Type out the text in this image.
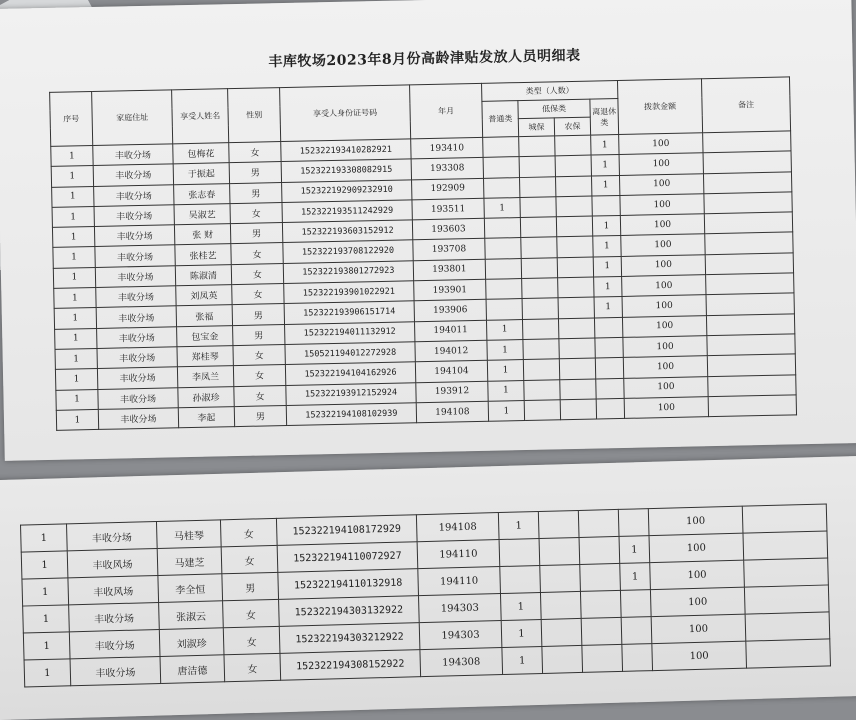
丰库牧场2023年8月份高龄津贴发放人员明细表
序号	家庭住址	享受人姓名	性别	享受人身份证号码	年月	类型（人数）				拨款金额	备注
						普通类	低保类		离退休类		
							城保	农保			
1	丰收分场	包梅花	女	152322193410282921	193410				1	100	
1	丰收分场	于振起	男	152322193308082915	193308				1	100	
1	丰收分场	张志春	男	152322192909232910	192909				1	100	
1	丰收分场	吴淑艺	女	152322193511242929	193511	1				100	
1	丰收分场	张 财	男	152322193603152912	193603				1	100	
1	丰收分场	张桂艺	女	152322193708122920	193708				1	100	
1	丰收分场	陈淑清	女	152322193801272923	193801				1	100	
1	丰收分场	刘凤英	女	152322193901022921	193901				1	100	
1	丰收分场	张福	男	152322193906151714	193906				1	100	
1	丰收分场	包宝金	男	152322194011132912	194011	1				100	
1	丰收分场	郑桂琴	女	150521194012272928	194012	1				100	
1	丰收分场	李凤兰	女	152322194104162926	194104	1				100	
1	丰收分场	孙淑珍	女	152322193912152924	193912	1				100	
1	丰收分场	李起	男	152322194108102939	194108	1				100	
1	丰收分场	马桂琴	女	152322194108172929	194108	1				100	
1	丰收风场	马建芝	女	152322194110072927	194110				1	100	
1	丰收风场	李全恒	男	152322194110132918	194110				1	100	
1	丰收分场	张淑云	女	152322194303132922	194303	1				100	
1	丰收分场	刘淑珍	女	152322194303212922	194303	1				100	
1	丰收分场	唐洁德	女	152322194308152922	194308	1				100	
